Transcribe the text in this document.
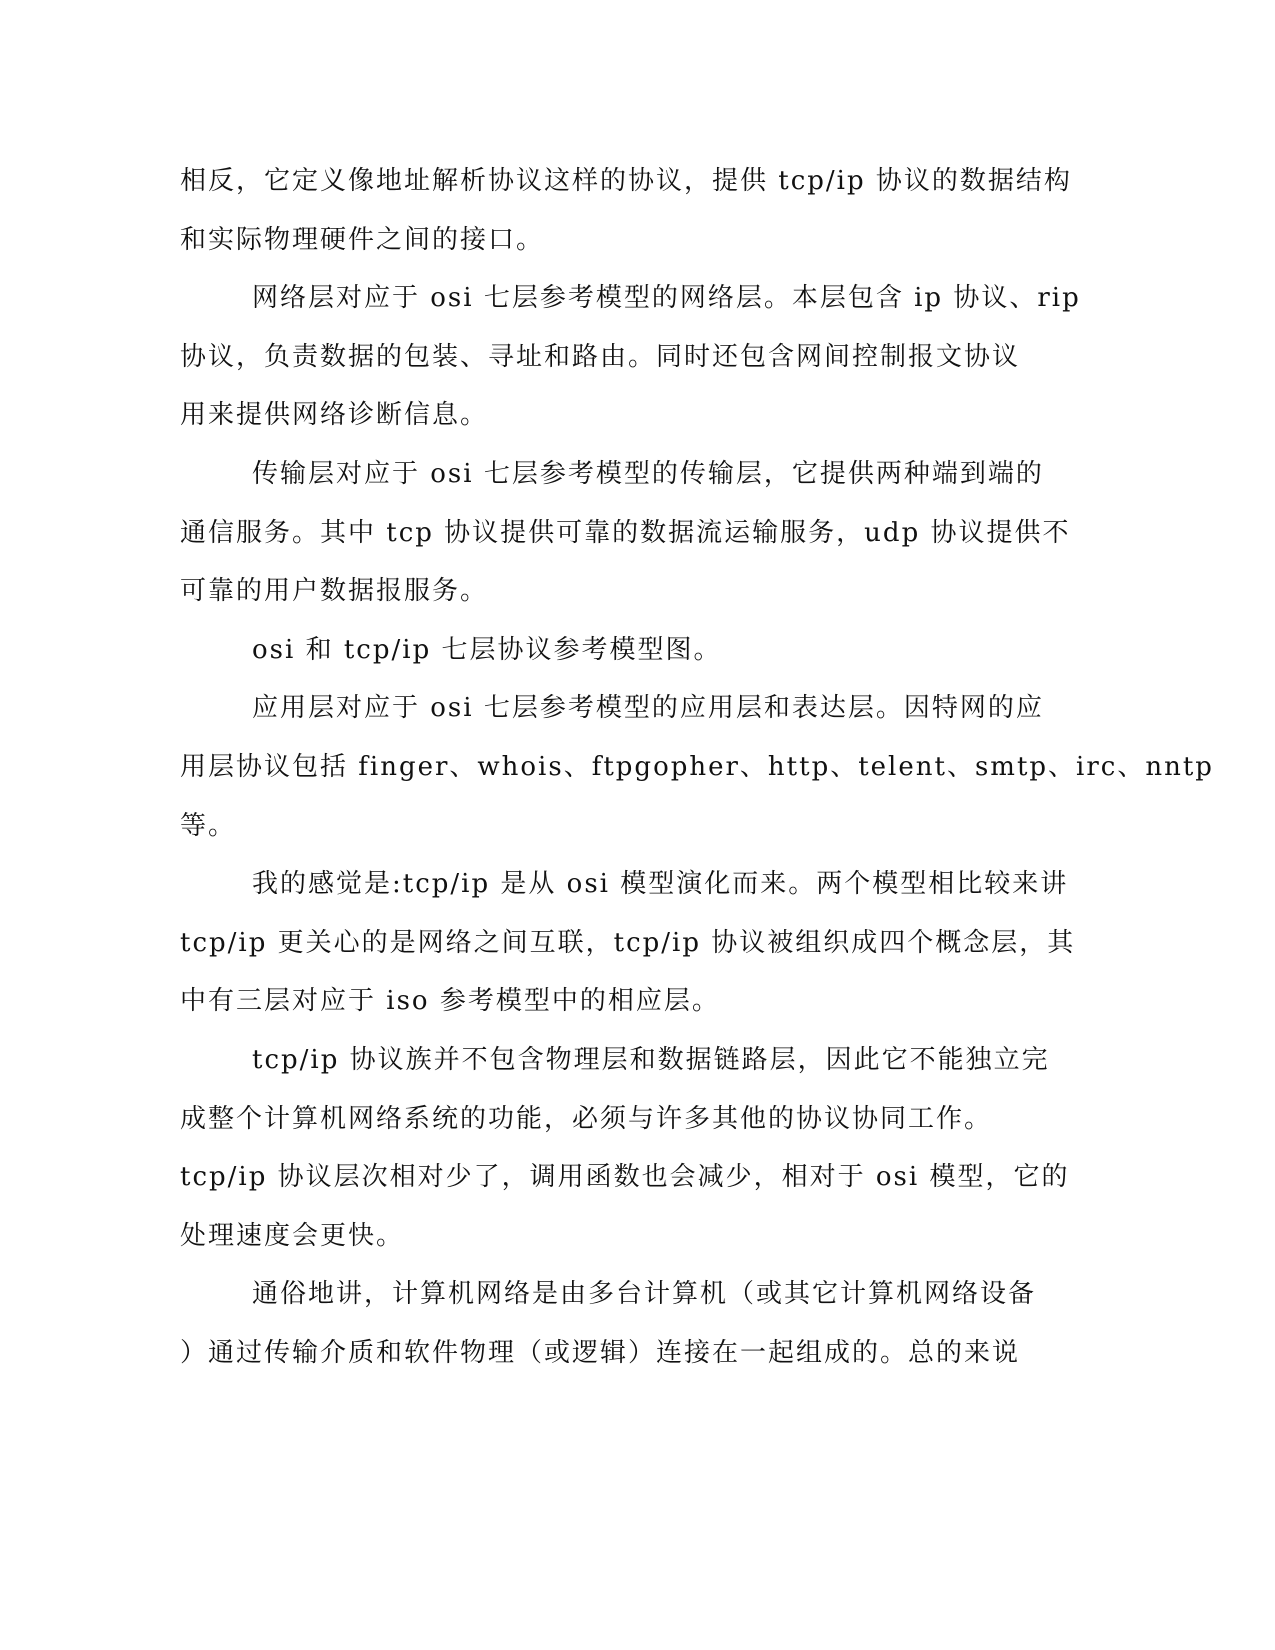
相反，它定义像地址解析协议这样的协议，提供 tcp/ip 协议的数据结构
和实际物理硬件之间的接口。
网络层对应于 osi 七层参考模型的网络层。本层包含 ip 协议、rip
协议，负责数据的包装、寻址和路由。同时还包含网间控制报文协议
用来提供网络诊断信息。
传输层对应于 osi 七层参考模型的传输层，它提供两种端到端的
通信服务。其中 tcp 协议提供可靠的数据流运输服务，udp 协议提供不
可靠的用户数据报服务。
osi 和 tcp/ip 七层协议参考模型图。
应用层对应于 osi 七层参考模型的应用层和表达层。因特网的应
用层协议包括 finger、whois、ftpgopher、http、telent、smtp、irc、nntp
等。
我的感觉是:tcp/ip 是从 osi 模型演化而来。两个模型相比较来讲
tcp/ip 更关心的是网络之间互联，tcp/ip 协议被组织成四个概念层，其
中有三层对应于 iso 参考模型中的相应层。
tcp/ip 协议族并不包含物理层和数据链路层，因此它不能独立完
成整个计算机网络系统的功能，必须与许多其他的协议协同工作。
tcp/ip 协议层次相对少了，调用函数也会减少，相对于 osi 模型，它的
处理速度会更快。
通俗地讲，计算机网络是由多台计算机（或其它计算机网络设备
）通过传输介质和软件物理（或逻辑）连接在一起组成的。总的来说
